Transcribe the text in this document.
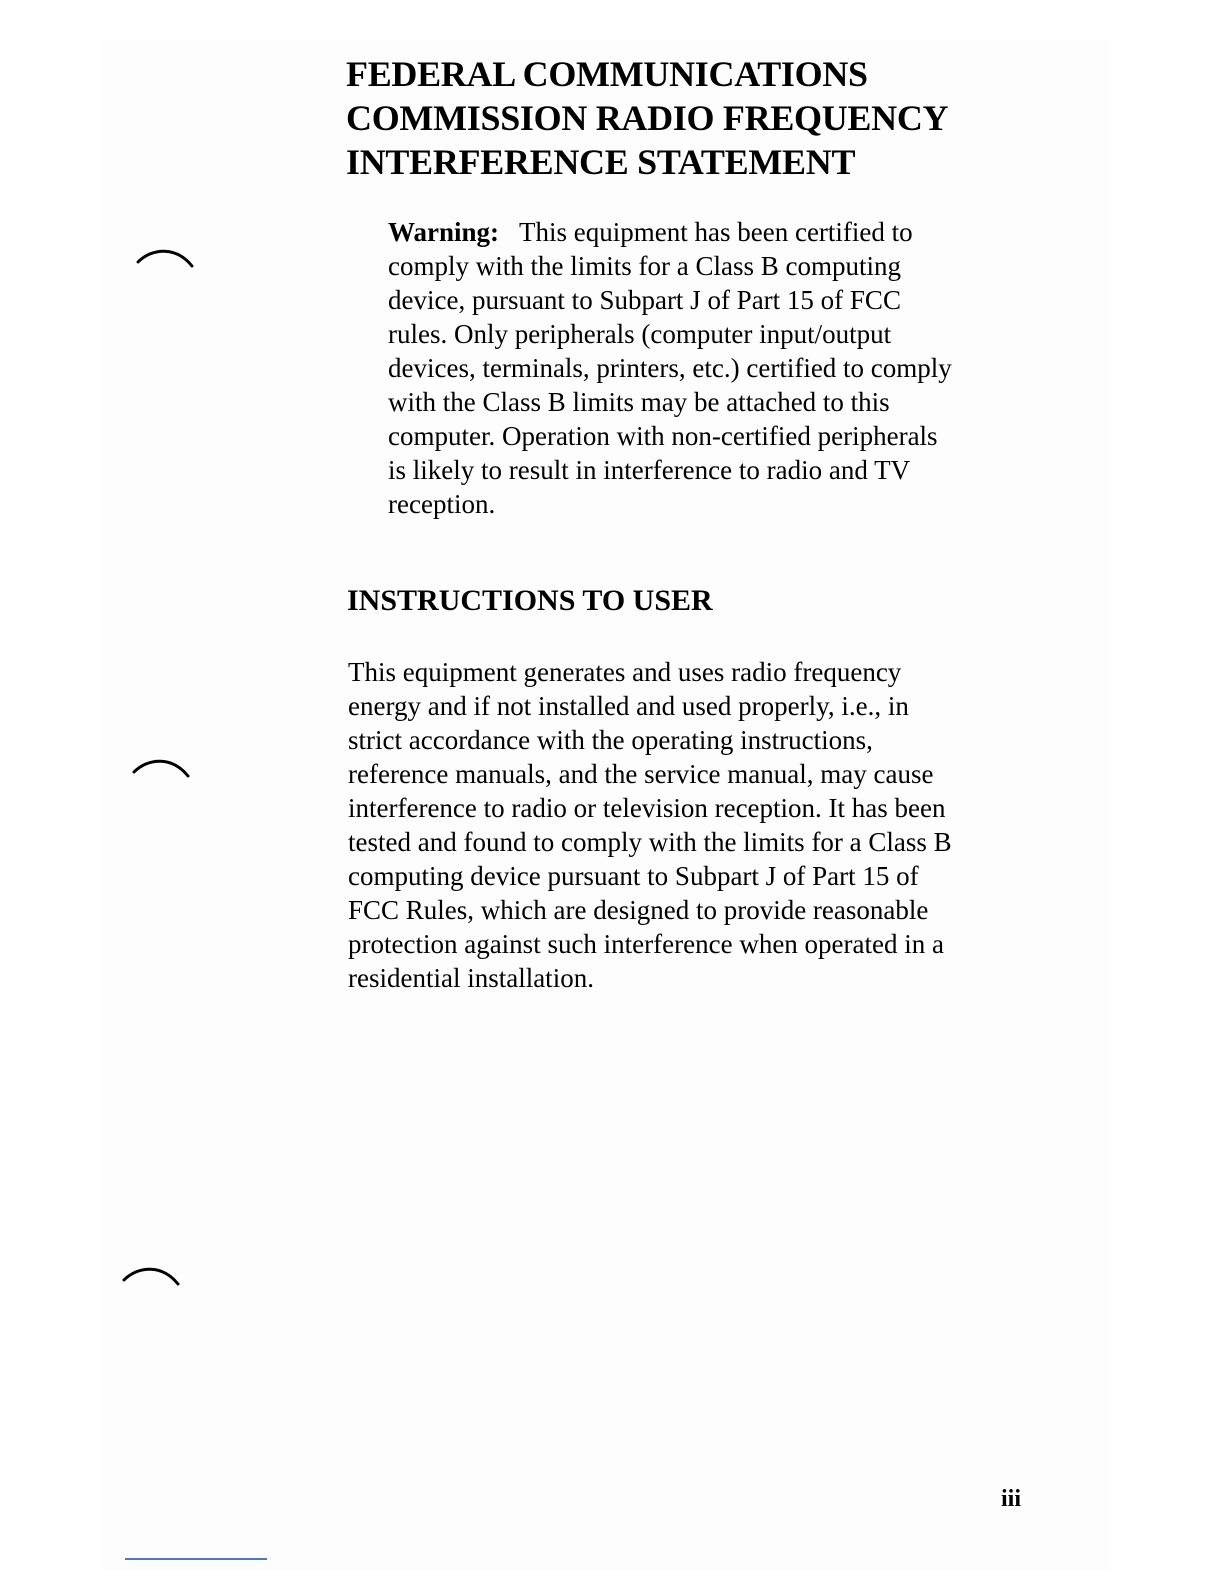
FEDERAL COMMUNICATIONS
COMMISSION RADIO FREQUENCY
INTERFERENCE STATEMENT
Warning: This equipment has been certified to
comply with the limits for a Class B computing
device, pursuant to Subpart J of Part 15 of FCC
rules. Only peripherals (computer input/output
devices, terminals, printers, etc.) certified to comply
with the Class B limits may be attached to this
computer. Operation with non-certified peripherals
is likely to result in interference to radio and TV
reception.
INSTRUCTIONS TO USER
This equipment generates and uses radio frequency
energy and if not installed and used properly, i.e., in
strict accordance with the operating instructions,
reference manuals, and the service manual, may cause
interference to radio or television reception. It has been
tested and found to comply with the limits for a Class B
computing device pursuant to Subpart J of Part 15 of
FCC Rules, which are designed to provide reasonable
protection against such interference when operated in a
residential installation.
iii
